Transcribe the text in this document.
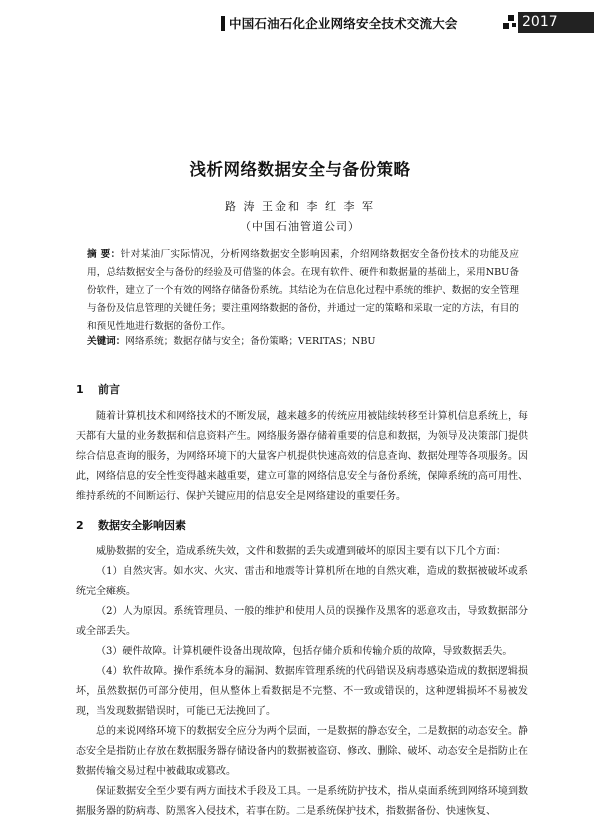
中国石油石化企业网络安全技术交流大会	2017
浅析网络数据安全与备份策略
路 涛 王金和 李 红 李 军
（中国石油管道公司）
摘 要：针对某油厂实际情况，分析网络数据安全影响因素，介绍网络数据安全备份技术的功能及应用，总结数据安全与备份的经验及可借鉴的体会。在现有软件、硬件和数据量的基础上，采用NBU备份软件，建立了一个有效的网络存储备份系统。其结论为在信息化过程中系统的维护、数据的安全管理与备份及信息管理的关键任务；要注重网络数据的备份，并通过一定的策略和采取一定的方法，有目的和预见性地进行数据的备份工作。
关键词：网络系统；数据存储与安全；备份策略；VERITAS；NBU
1 前言

随着计算机技术和网络技术的不断发展，越来越多的传统应用被陆续转移至计算机信息系统上，每天都有大量的业务数据和信息资料产生。网络服务器存储着重要的信息和数据，为领导及决策部门提供综合信息查询的服务，为网络环境下的大量客户机提供快速高效的信息查询、数据处理等各项服务。因此，网络信息的安全性变得越来越重要，建立可靠的网络信息安全与备份系统，保障系统的高可用性、维持系统的不间断运行、保护关键应用的信息安全是网络建设的重要任务。

2 数据安全影响因素

威胁数据的安全，造成系统失效，文件和数据的丢失或遭到破坏的原因主要有以下几个方面：

（1）自然灾害。如水灾、火灾、雷击和地震等计算机所在地的自然灾难，造成的数据被破坏或系统完全瘫痪。

（2）人为原因。系统管理员、一般的维护和使用人员的误操作及黑客的恶意攻击，导致数据部分或全部丢失。

（3）硬件故障。计算机硬件设备出现故障，包括存储介质和传输介质的故障，导致数据丢失。

（4）软件故障。操作系统本身的漏洞、数据库管理系统的代码错误及病毒感染造成的数据逻辑损坏，虽然数据仍可部分使用，但从整体上看数据是不完整、不一致或错误的，这种逻辑损坏不易被发现，当发现数据错误时，可能已无法挽回了。

总的来说网络环境下的数据安全应分为两个层面，一是数据的静态安全，二是数据的动态安全。静态安全是指防止存放在数据服务器存储设备内的数据被盗窃、修改、删除、破坏、动态安全是指防止在数据传输交易过程中被截取或篡改。

保证数据安全至少要有两方面技术手段及工具。一是系统防护技术，指从桌面系统到网络环境到数据服务器的防病毒、防黑客入侵技术，若事在防。二是系统保护技术，指数据备份、快速恢复、
